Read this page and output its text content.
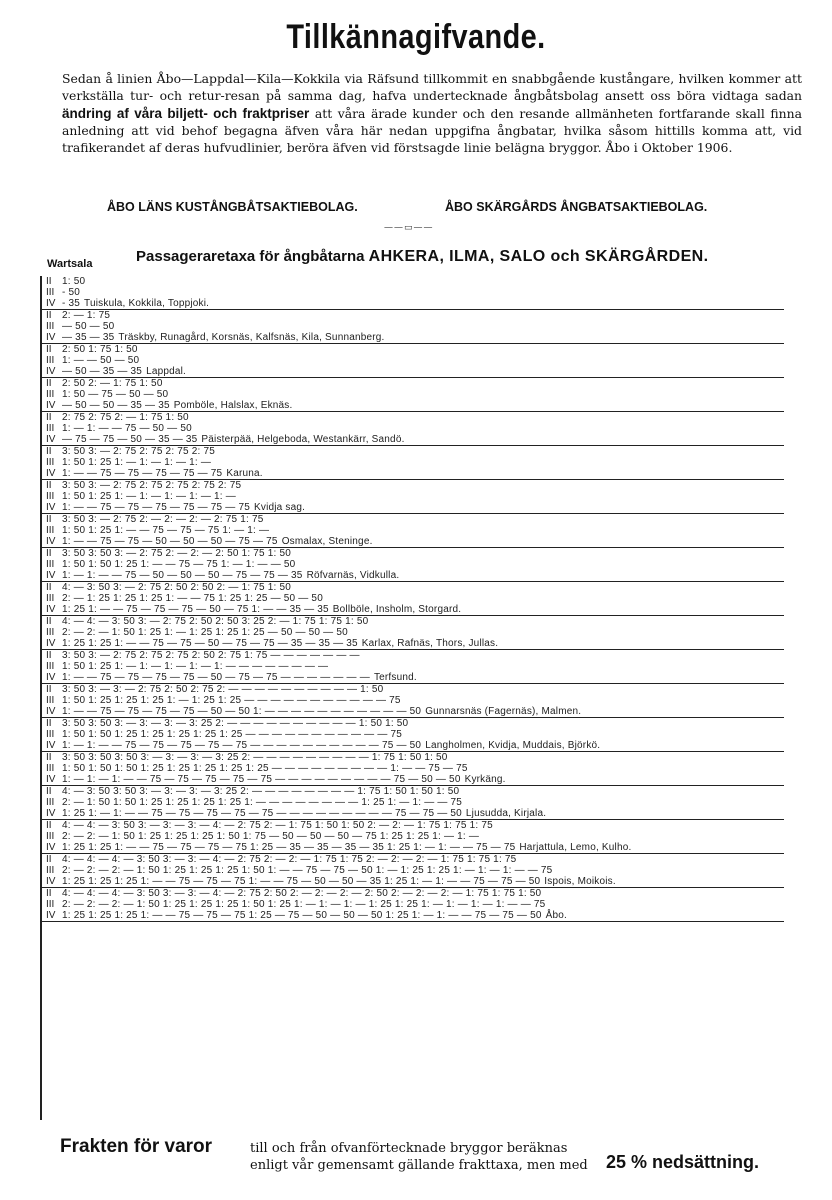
Tillkännagifvande.
Sedan å linien Åbo—Lappdal—Kila—Kokkila via Räfsund tillkommit en snabbgående kustångare, hvilken kommer att verkställa tur- och retur-resan på samma dag, hafva undertecknade ångbåtsbolag ansett oss böra vidtaga sadan ändring af våra biljett- och fraktpriser att våra ärade kunder och den resande allmänheten fortfarande skall finna anledning att vid behof begagna äfven våra här nedan uppgifna ångbatar, hvilka såsom hittills komma att, vid trafikerandet af deras hufvudlinier, beröra äfven vid förstsagde linie belägna bryggor. Åbo i Oktober 1906.
ÅBO LÄNS KUSTÅNGBÅTSAKTIEBOLAG.	ÅBO SKÄRGÅRDS ÅNGBATSAKTIEBOLAG.
——▭——
Wartsala	Passageraretaxa för ångbåtarna AHKERA, ILMA, SALO och SKÄRGÅRDEN.
II	1: 50
III - 50
IV - 35 Tuiskula, Kokkila, Toppjoki.
II	2: — 1: 75
III — 50 — 50
IV — 35 — 35 Träskby, Runagård, Korsnäs, Kalfsnäs, Kila, Sunnanberg.
II	2: 50 1: 75 1: 50
III 1: — — 50 — 50
IV — 50 — 35 — 35 Lappdal.
II	2: 50 2: — 1: 75 1: 50
III 1: 50 — 75 — 50 — 50
IV — 50 — 50 — 35 — 35 Pomböle, Halslax, Eknäs.
II	2: 75 2: 75 2: — 1: 75 1: 50
III 1: — 1: — — 75 — 50 — 50
IV — 75 — 75 — 50 — 35 — 35 Päisterpää, Helgeboda, Westankärr, Sandö.
II	3: 50 3: — 2: 75 2: 75 2: 75 2: 75
III 1: 50 1: 25 1: — 1: — 1: — 1: —
IV 1: — — 75 — 75 — 75 — 75 — 75 Karuna.
II	3: 50 3: — 2: 75 2: 75 2: 75 2: 75 2: 75
III 1: 50 1: 25 1: — 1: — 1: — 1: — 1: —
IV 1: — — 75 — 75 — 75 — 75 — 75 — 75 Kvidja sag.
II	3: 50 3: — 2: 75 2: — 2: — 2: — 2: 75 1: 75
III 1: 50 1: 25 1: — — 75 — 75 — 75 1: — 1: —
IV 1: — — 75 — 75 — 50 — 50 — 50 — 75 — 75 Osmalax, Steninge.
II	3: 50 3: 50 3: — 2: 75 2: — 2: — 2: 50 1: 75 1: 50
III 1: 50 1: 50 1: 25 1: — — 75 — 75 1: — 1: — — 50
IV 1: — 1: — — 75 — 50 — 50 — 50 — 75 — 75 — 35 Röfvarnäs, Vidkulla.
II	4: — 3: 50 3: — 2: 75 2: 50 2: 50 2: — 1: 75 1: 50
III 2: — 1: 25 1: 25 1: 25 1: — — 75 1: 25 1: 25 — 50 — 50
IV 1: 25 1: — — 75 — 75 — 75 — 50 — 75 1: — — 35 — 35 Bollböle, Insholm, Storgard.
II	4: — 4: — 3: 50 3: — 2: 75 2: 50 2: 50 3: 25 2: — 1: 75 1: 75 1: 50
III 2: — 2: — 1: 50 1: 25 1: — 1: 25 1: 25 1: 25 — 50 — 50 — 50
IV 1: 25 1: 25 1: — — 75 — 75 — 50 — 75 — 75 — 35 — 35 — 35 Karlax, Rafnäs, Thors, Jullas.
II	3: 50 3: — 2: 75 2: 75 2: 75 2: 50 2: 75 1: 75 — — — — — — —
III 1: 50 1: 25 1: — 1: — 1: — 1: — 1: — — — — — — — —
IV 1: — — 75 — 75 — 75 — 75 — 50 — 75 — 75 — — — — — — — Terfsund.
II	3: 50 3: — 3: — 2: 75 2: 50 2: 75 2: — — — — — — — — — — 1: 50
III 1: 50 1: 25 1: 25 1: 25 1: — 1: 25 1: 25 — — — — — — — — — — — 75
IV 1: — — 75 — 75 — 75 — 75 — 50 — 50 1: — — — — — — — — — — — 50 Gunnarsnäs (Fagernäs), Malmen.
II	3: 50 3: 50 3: — 3: — 3: — 3: 25 2: — — — — — — — — — — 1: 50 1: 50
III 1: 50 1: 50 1: 25 1: 25 1: 25 1: 25 1: 25 — — — — — — — — — — — 75
IV 1: — 1: — — 75 — 75 — 75 — 75 — 75 — — — — — — — — — — 75 — 50 Langholmen, Kvidja, Muddais, Björkö.
II	3: 50 3: 50 3: 50 3: — 3: — 3: — 3: 25 2: — — — — — — — — — 1: 75 1: 50 1: 50
III 1: 50 1: 50 1: 50 1: 25 1: 25 1: 25 1: 25 1: 25 — — — — — — — — — 1: — — 75 — 75
IV 1: — 1: — 1: — — 75 — 75 — 75 — 75 — 75 — — — — — — — — — 75 — 50 — 50 Kyrkäng.
II	4: — 3: 50 3: 50 3: — 3: — 3: — 3: 25 2: — — — — — — — — 1: 75 1: 50 1: 50 1: 50
III 2: — 1: 50 1: 50 1: 25 1: 25 1: 25 1: 25 1: — — — — — — — — 1: 25 1: — 1: — — 75
IV 1: 25 1: — 1: — — 75 — 75 — 75 — 75 — 75 — — — — — — — — — 75 — 75 — 50 Ljusudda, Kirjala.
II	4: — 4: — 3: 50 3: — 3: — 3: — 4: — 2: 75 2: — 1: 75 1: 50 1: 50 2: — 2: — 1: 75 1: 75 1: 75
III 2: — 2: — 1: 50 1: 25 1: 25 1: 25 1: 50 1: 75 — 50 — 50 — 50 — 75 1: 25 1: 25 1: — 1: —
IV 1: 25 1: 25 1: — — 75 — 75 — 75 — 75 1: 25 — 35 — 35 — 35 — 35 1: 25 1: — 1: — — 75 — 75 Harjattula, Lemo, Kulho.
II	4: — 4: — 4: — 3: 50 3: — 3: — 4: — 2: 75 2: — 2: — 1: 75 1: 75 2: — 2: — 2: — 1: 75 1: 75 1: 75
III 2: — 2: — 2: — 1: 50 1: 25 1: 25 1: 25 1: 50 1: — — 75 — 75 — 50 1: — 1: 25 1: 25 1: — 1: — 1: — — 75
IV 1: 25 1: 25 1: 25 1: — — 75 — 75 — 75 1: — — 75 — 50 — 50 — 35 1: 25 1: — 1: — — 75 — 75 — 50 Ispois, Moikois.
II	4: — 4: — 4: — 3: 50 3: — 3: — 4: — 2: 75 2: 50 2: — 2: — 2: — 2: 50 2: — 2: — 2: — 1: 75 1: 75 1: 50
III 2: — 2: — 2: — 1: 50 1: 25 1: 25 1: 25 1: 50 1: 25 1: — 1: — 1: — 1: 25 1: 25 1: — 1: — 1: — 1: — — 75
IV 1: 25 1: 25 1: 25 1: — — 75 — 75 — 75 1: 25 — 75 — 50 — 50 — 50 1: 25 1: — 1: — — 75 — 75 — 50 Åbo.
Frakten för varor	till och från ofvanförtecknade bryggor beräknas enligt vår gemensamt gällande frakttaxa, men med	25 % nedsättning.
